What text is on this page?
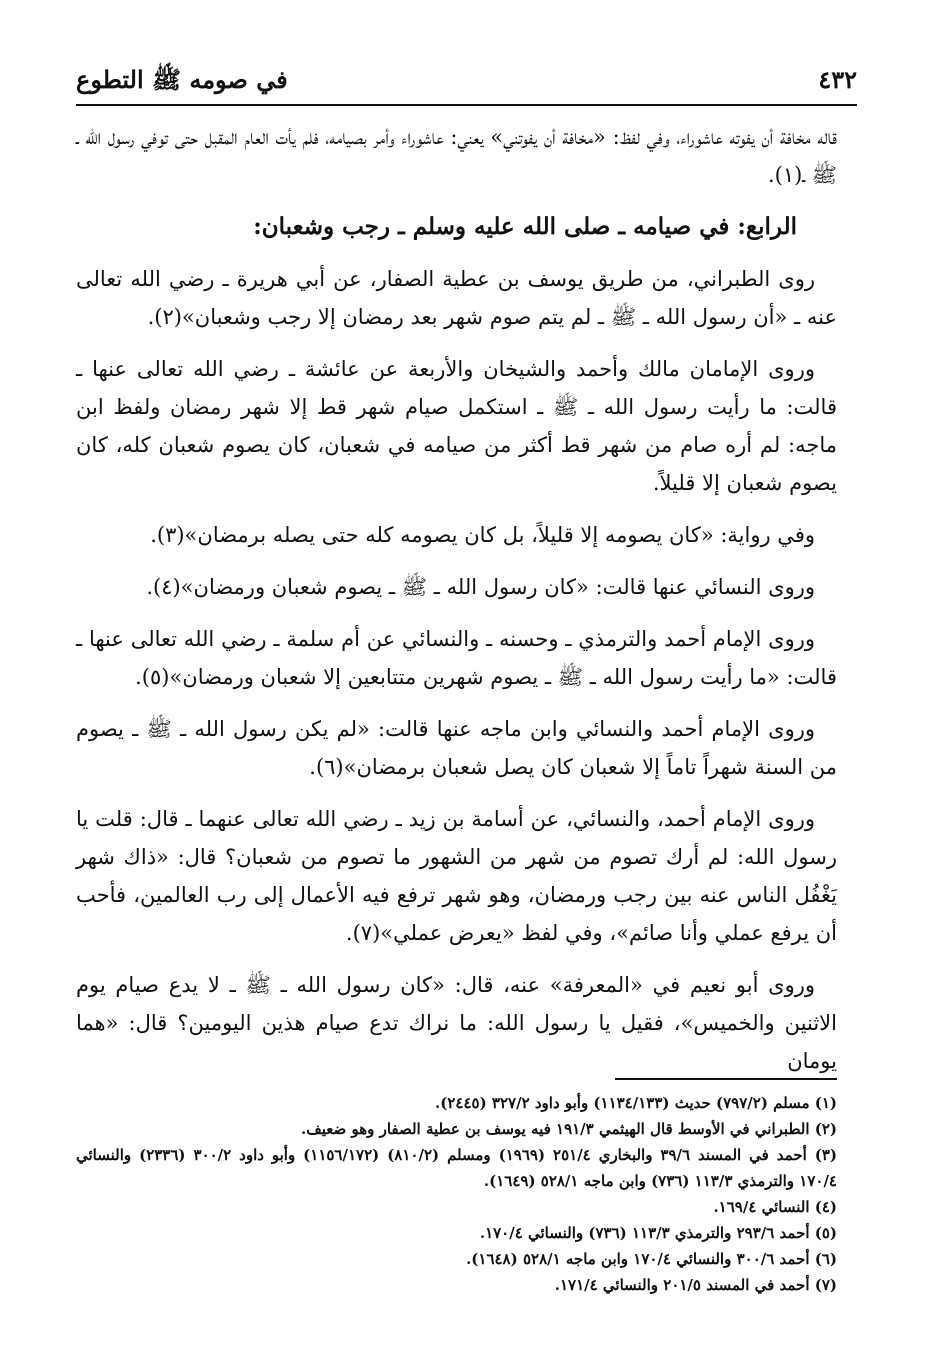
٤٣٢
في صومه ﷺ التطوع

قاله مخافة أن يفوته عاشوراء، وفي لفظ: «مخافة أن يفوتني» يعني: عاشوراء وأمر بصيامه، فلم يأت العام المقبل حتى توفي رسول الله ـ ﷺ ـ(١).

الرابع: في صيامه ـ صلى الله عليه وسلم ـ رجب وشعبان:

روى الطبراني، من طريق يوسف بن عطية الصفار، عن أبي هريرة ـ رضي الله تعالى عنه ـ «أن رسول الله ـ ﷺ ـ لم يتم صوم شهر بعد رمضان إلا رجب وشعبان»(٢).

وروى الإمامان مالك وأحمد والشيخان والأربعة عن عائشة ـ رضي الله تعالى عنها ـ قالت: ما رأيت رسول الله ـ ﷺ ـ استكمل صيام شهر قط إلا شهر رمضان ولفظ ابن ماجه: لم أره صام من شهر قط أكثر من صيامه في شعبان، كان يصوم شعبان كله، كان يصوم شعبان إلا قليلاً.

وفي رواية: «كان يصومه إلا قليلاً، بل كان يصومه كله حتى يصله برمضان»(٣).

وروى النسائي عنها قالت: «كان رسول الله ـ ﷺ ـ يصوم شعبان ورمضان»(٤).

وروى الإمام أحمد والترمذي ـ وحسنه ـ والنسائي عن أم سلمة ـ رضي الله تعالى عنها ـ قالت: «ما رأيت رسول الله ـ ﷺ ـ يصوم شهرين متتابعين إلا شعبان ورمضان»(٥).

وروى الإمام أحمد والنسائي وابن ماجه عنها قالت: «لم يكن رسول الله ـ ﷺ ـ يصوم من السنة شهراً تاماً إلا شعبان كان يصل شعبان برمضان»(٦).

وروى الإمام أحمد، والنسائي، عن أسامة بن زيد ـ رضي الله تعالى عنهما ـ قال: قلت يا رسول الله: لم أرك تصوم من شهر من الشهور ما تصوم من شعبان؟ قال: «ذاك شهر يَغْفُل الناس عنه بين رجب ورمضان، وهو شهر ترفع فيه الأعمال إلى رب العالمين، فأحب أن يرفع عملي وأنا صائم»، وفي لفظ «يعرض عملي»(٧).

وروى أبو نعيم في «المعرفة» عنه، قال: «كان رسول الله ـ ﷺ ـ لا يدع صيام يوم الاثنين والخميس»، فقيل يا رسول الله: ما نراك تدع صيام هذين اليومين؟ قال: «هما يومان

(١) مسلم (٧٩٧/٢) حديث (١١٣٤/١٣٣) وأبو داود ٣٢٧/٢ (٢٤٤٥).

(٢) الطبراني في الأوسط قال الهيثمي ١٩١/٣ فيه يوسف بن عطية الصفار وهو ضعيف.

(٣) أحمد في المسند ٣٩/٦ والبخاري ٢٥١/٤ (١٩٦٩) ومسلم (٨١٠/٢) (١١٥٦/١٧٢) وأبو داود ٣٠٠/٢ (٢٣٣٦) والنسائي ١٧٠/٤ والترمذي ١١٣/٣ (٧٣٦) وابن ماجه ٥٢٨/١ (١٦٤٩).

(٤) النسائي ١٦٩/٤.

(٥) أحمد ٢٩٣/٦ والترمذي ١١٣/٣ (٧٣٦) والنسائي ١٧٠/٤.

(٦) أحمد ٣٠٠/٦ والنسائي ١٧٠/٤ وابن ماجه ٥٢٨/١ (١٦٤٨).

(٧) أحمد في المسند ٢٠١/٥ والنسائي ١٧١/٤.
